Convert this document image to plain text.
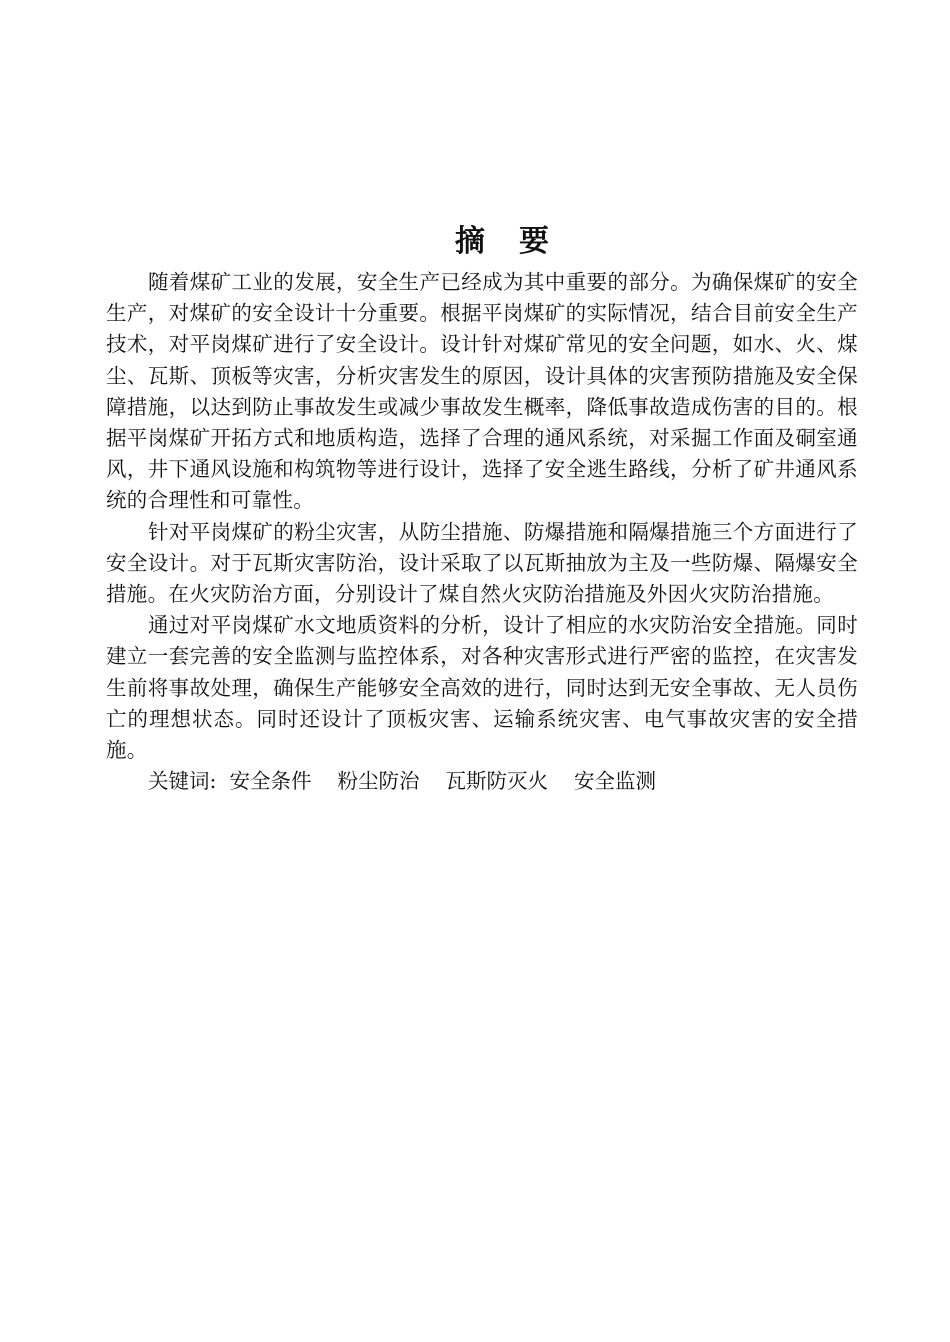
摘 要

随着煤矿工业的发展，安全生产已经成为其中重要的部分。为确保煤矿的安全生产，对煤矿的安全设计十分重要。根据平岗煤矿的实际情况，结合目前安全生产技术，对平岗煤矿进行了安全设计。设计针对煤矿常见的安全问题，如水、火、煤尘、瓦斯、顶板等灾害，分析灾害发生的原因，设计具体的灾害预防措施及安全保障措施，以达到防止事故发生或减少事故发生概率，降低事故造成伤害的目的。根据平岗煤矿开拓方式和地质构造，选择了合理的通风系统，对采掘工作面及硐室通风，井下通风设施和构筑物等进行设计，选择了安全逃生路线，分析了矿井通风系统的合理性和可靠性。

针对平岗煤矿的粉尘灾害，从防尘措施、防爆措施和隔爆措施三个方面进行了安全设计。对于瓦斯灾害防治，设计采取了以瓦斯抽放为主及一些防爆、隔爆安全措施。在火灾防治方面，分别设计了煤自然火灾防治措施及外因火灾防治措施。

通过对平岗煤矿水文地质资料的分析，设计了相应的水灾防治安全措施。同时建立一套完善的安全监测与监控体系，对各种灾害形式进行严密的监控，在灾害发生前将事故处理，确保生产能够安全高效的进行，同时达到无安全事故、无人员伤亡的理想状态。同时还设计了顶板灾害、运输系统灾害、电气事故灾害的安全措施。

关键词: 安全条件 粉尘防治 瓦斯防灭火 安全监测
